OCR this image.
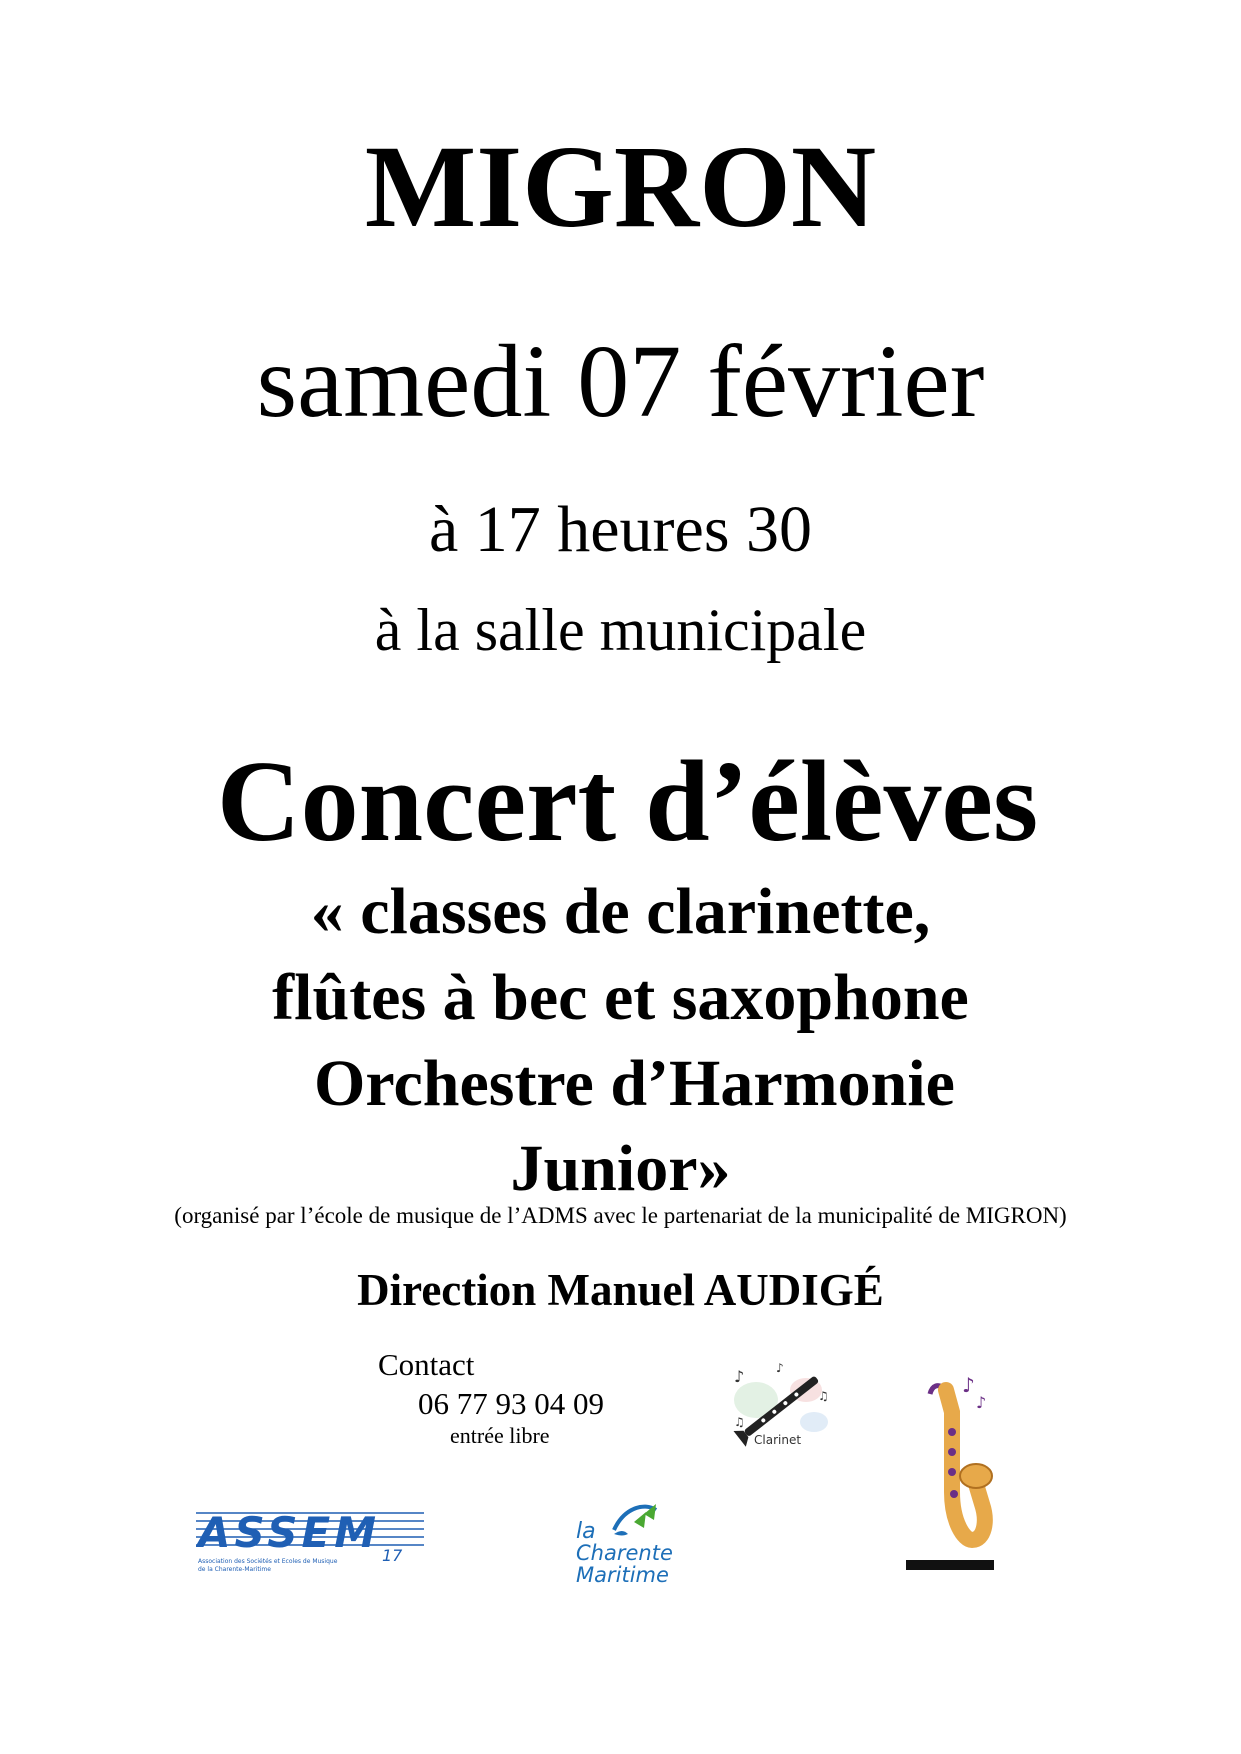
MIGRON
samedi 07 février
à 17 heures 30
à la salle municipale
Concert d’élèves
« classes de clarinette,
flûtes à bec et saxophone
Orchestre d’Harmonie
Junior»
(organisé par l’école de musique de l’ADMS avec le partenariat de la municipalité de MIGRON)
Direction Manuel AUDIGÉ
Contact
06 77 93 04 09
entrée libre
♪	♪
♫
♫
Clarinet
♪
♪
ASSEM 17
Association des Sociétés et Ecoles de Musique
de la Charente-Maritime
la
Charente
Maritime
